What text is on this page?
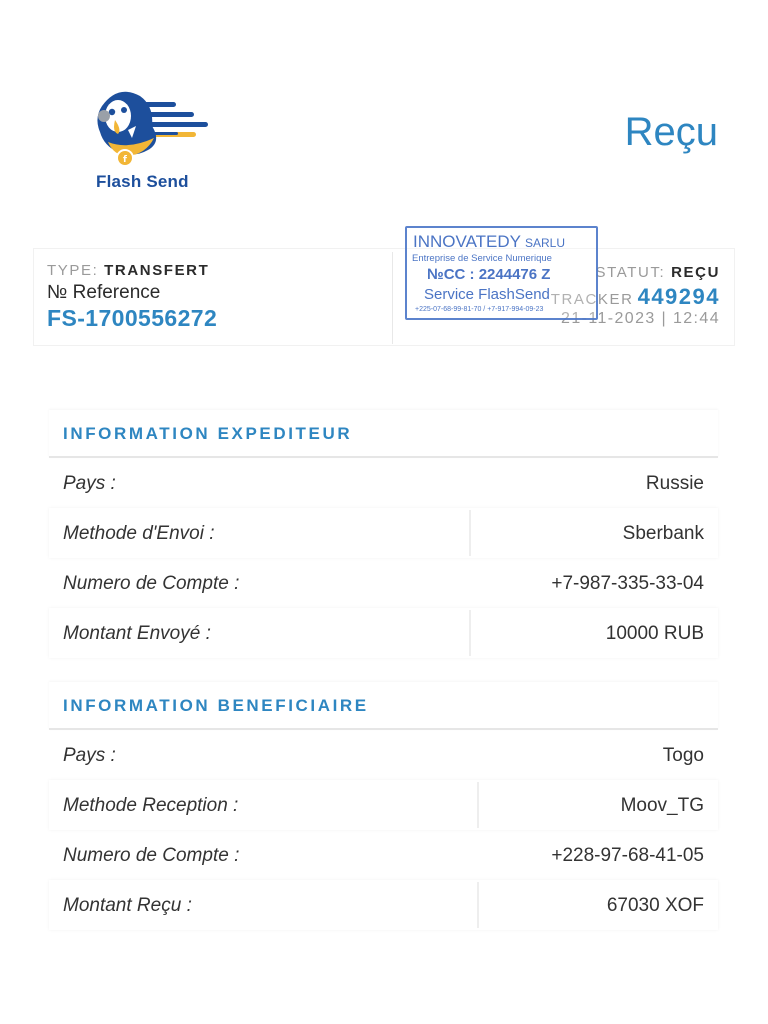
f
Flash Send
Reçu
TYPE: TRANSFERT
№ Reference
FS-1700556272
STATUT: REÇU
TRACKER 449294
21-11-2023 | 12:44
INNOVATEDY SARLU
Entreprise de Service Numerique
№CC : 2244476 Z
Service FlashSend
+225-07-68-99-81-70 / +7-917-994-09-23
INFORMATION EXPEDITEUR
Pays :	Russie
Methode d'Envoi :	Sberbank
Numero de Compte :	+7-987-335-33-04
Montant Envoyé :	10000 RUB
INFORMATION BENEFICIAIRE
Pays :	Togo
Methode Reception :	Moov_TG
Numero de Compte :	+228-97-68-41-05
Montant Reçu :	67030 XOF
